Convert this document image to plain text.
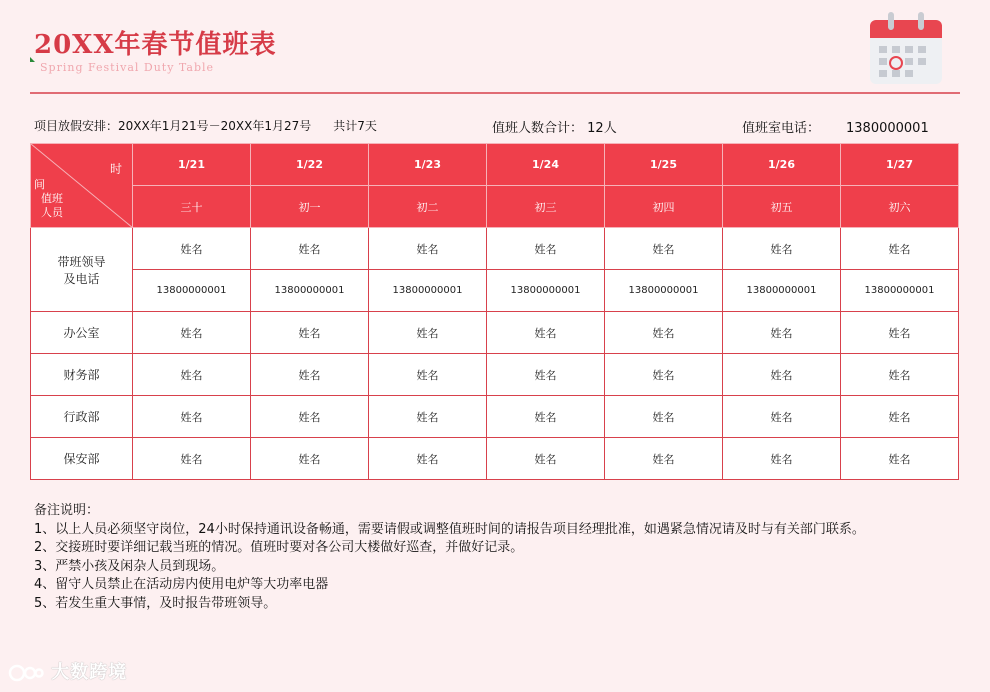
20XX年春节值班表
Spring Festival Duty Table
项目放假安排：20XX年1月21号－20XX年1月27号 共计7天	值班人数合计： 12人	值班室电话： 1380000001
时
间
值班
人员	1/21	1/22	1/23	1/24	1/25	1/26	1/27
	三十	初一	初二	初三	初四	初五	初六

带班领导
及电话	姓名	姓名	姓名	姓名	姓名	姓名	姓名
	13800000001	13800000001	13800000001	13800000001	13800000001	13800000001	13800000001
办公室	姓名	姓名	姓名	姓名	姓名	姓名	姓名
财务部	姓名	姓名	姓名	姓名	姓名	姓名	姓名
行政部	姓名	姓名	姓名	姓名	姓名	姓名	姓名
保安部	姓名	姓名	姓名	姓名	姓名	姓名	姓名
备注说明：
1、以上人员必须坚守岗位，24小时保持通讯设备畅通，需要请假或调整值班时间的请报告项目经理批准，如遇紧急情况请及时与有关部门联系。
2、交接班时要详细记载当班的情况。值班时要对各公司大楼做好巡查，并做好记录。
3、严禁小孩及闲杂人员到现场。
4、留守人员禁止在活动房内使用电炉等大功率电器
5、若发生重大事情，及时报告带班领导。
大数跨境
